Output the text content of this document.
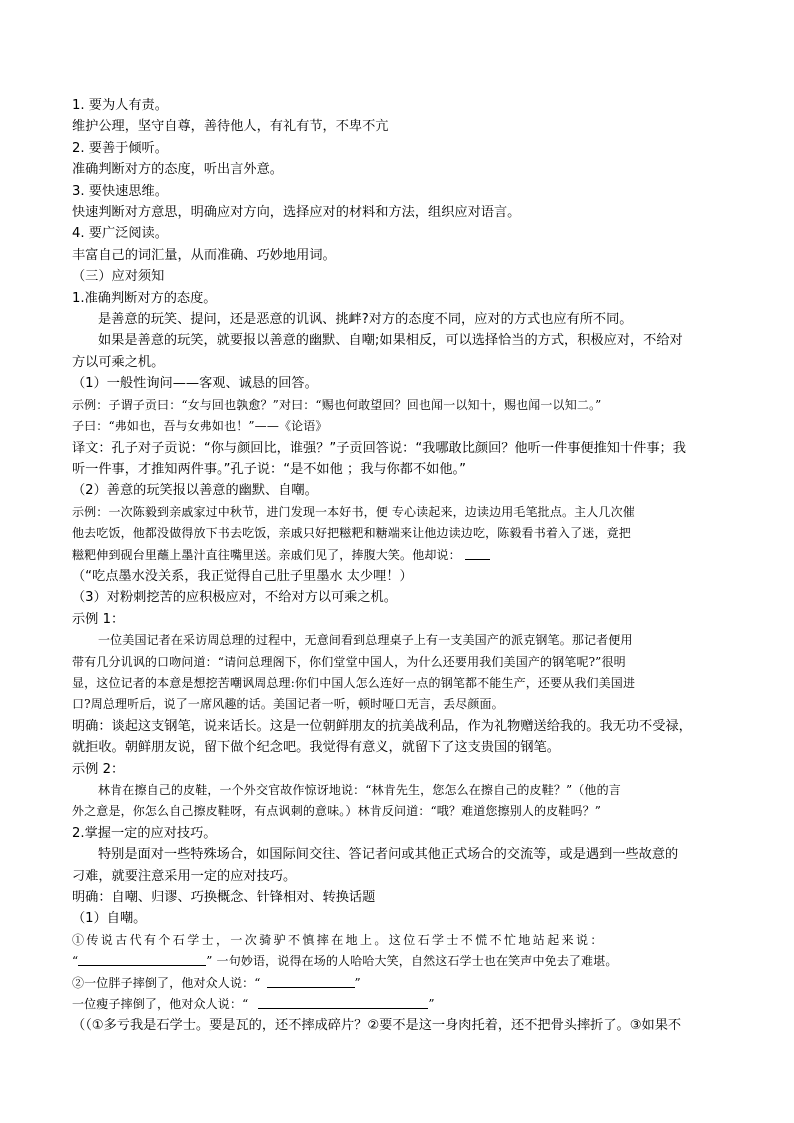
1. 要为人有责。
维护公理，坚守自尊，善待他人，有礼有节，不卑不亢
2. 要善于倾听。
准确判断对方的态度，听出言外意。
3. 要快速思维。
快速判断对方意思，明确应对方向，选择应对的材料和方法，组织应对语言。
4. 要广泛阅读。
丰富自己的词汇量，从而准确、巧妙地用词。
（三）应对须知
1.准确判断对方的态度。
是善意的玩笑、提问，还是恶意的讥讽、挑衅?对方的态度不同，应对的方式也应有所不同。
如果是善意的玩笑，就要报以善意的幽默、自嘲;如果相反，可以选择恰当的方式，积极应对，不给对
方以可乘之机。
（1）一般性询问——客观、诚恳的回答。
示例：子谓子贡曰：“女与回也孰愈？”对曰：“赐也何敢望回？回也闻一以知十，赐也闻一以知二。”
子曰：“弗如也，吾与女弗如也！”——《论语》
译文：孔子对子贡说：“你与颜回比，谁强？”子贡回答说：“我哪敢比颜回？他听一件事便推知十件事；我
听一件事，才推知两件事。”孔子说：“是不如他 ；我与你都不如他。”
（2）善意的玩笑报以善意的幽默、自嘲。
示例：一次陈毅到亲戚家过中秋节，进门发现一本好书，便 专心读起来，边读边用毛笔批点。主人几次催
他去吃饭，他都没做得放下书去吃饭，亲戚只好把糍粑和糖端来让他边读边吃，陈毅看书着入了迷，竟把
糍粑伸到砚台里蘸上墨汁直往嘴里送。亲戚们见了，捧腹大笑。他却说：
（“吃点墨水没关系，我正觉得自己肚子里墨水 太少哩！）
（3）对粉刺挖苦的应积极应对，不给对方以可乘之机。
示例 1：
一位美国记者在采访周总理的过程中，无意间看到总理桌子上有一支美国产的派克钢笔。那记者便用
带有几分讥讽的口吻问道：“请问总理阁下，你们堂堂中国人，为什么还要用我们美国产的钢笔呢?”很明
显，这位记者的本意是想挖苦嘲讽周总理:你们中国人怎么连好一点的钢笔都不能生产，还要从我们美国进
口?周总理听后，说了一席风趣的话。美国记者一听，顿时哑口无言，丢尽颜面。
明确：谈起这支钢笔，说来话长。这是一位朝鲜朋友的抗美战利品，作为礼物赠送给我的。我无功不受禄，
就拒收。朝鲜朋友说，留下做个纪念吧。我觉得有意义，就留下了这支贵国的钢笔。
示例 2：
林肯在擦自己的皮鞋，一个外交官故作惊讶地说：“林肯先生，您怎么在擦自己的皮鞋？”（他的言
外之意是，你怎么自己擦皮鞋呀，有点讽刺的意味。）林肯反问道：“哦？难道您擦别人的皮鞋吗？”
2.掌握一定的应对技巧。
特别是面对一些特殊场合，如国际间交往、答记者问或其他正式场合的交流等，或是遇到一些故意的
刁难，就要注意采用一定的应对技巧。
明确：自嘲、归谬、巧换概念、针锋相对、转换话题
（1）自嘲。
①传说古代有个石学士，一次骑驴不慎摔在地上。这位石学士不慌不忙地站起来说：
“	” 一句妙语，说得在场的人哈哈大笑，自然这石学士也在笑声中免去了难堪。
②一位胖子摔倒了，他对众人说：“	”
一位瘦子摔倒了，他对众人说：“	”
（（①多亏我是石学士。要是瓦的，还不摔成碎片？②要不是这一身肉托着，还不把骨头摔折了。③如果不
